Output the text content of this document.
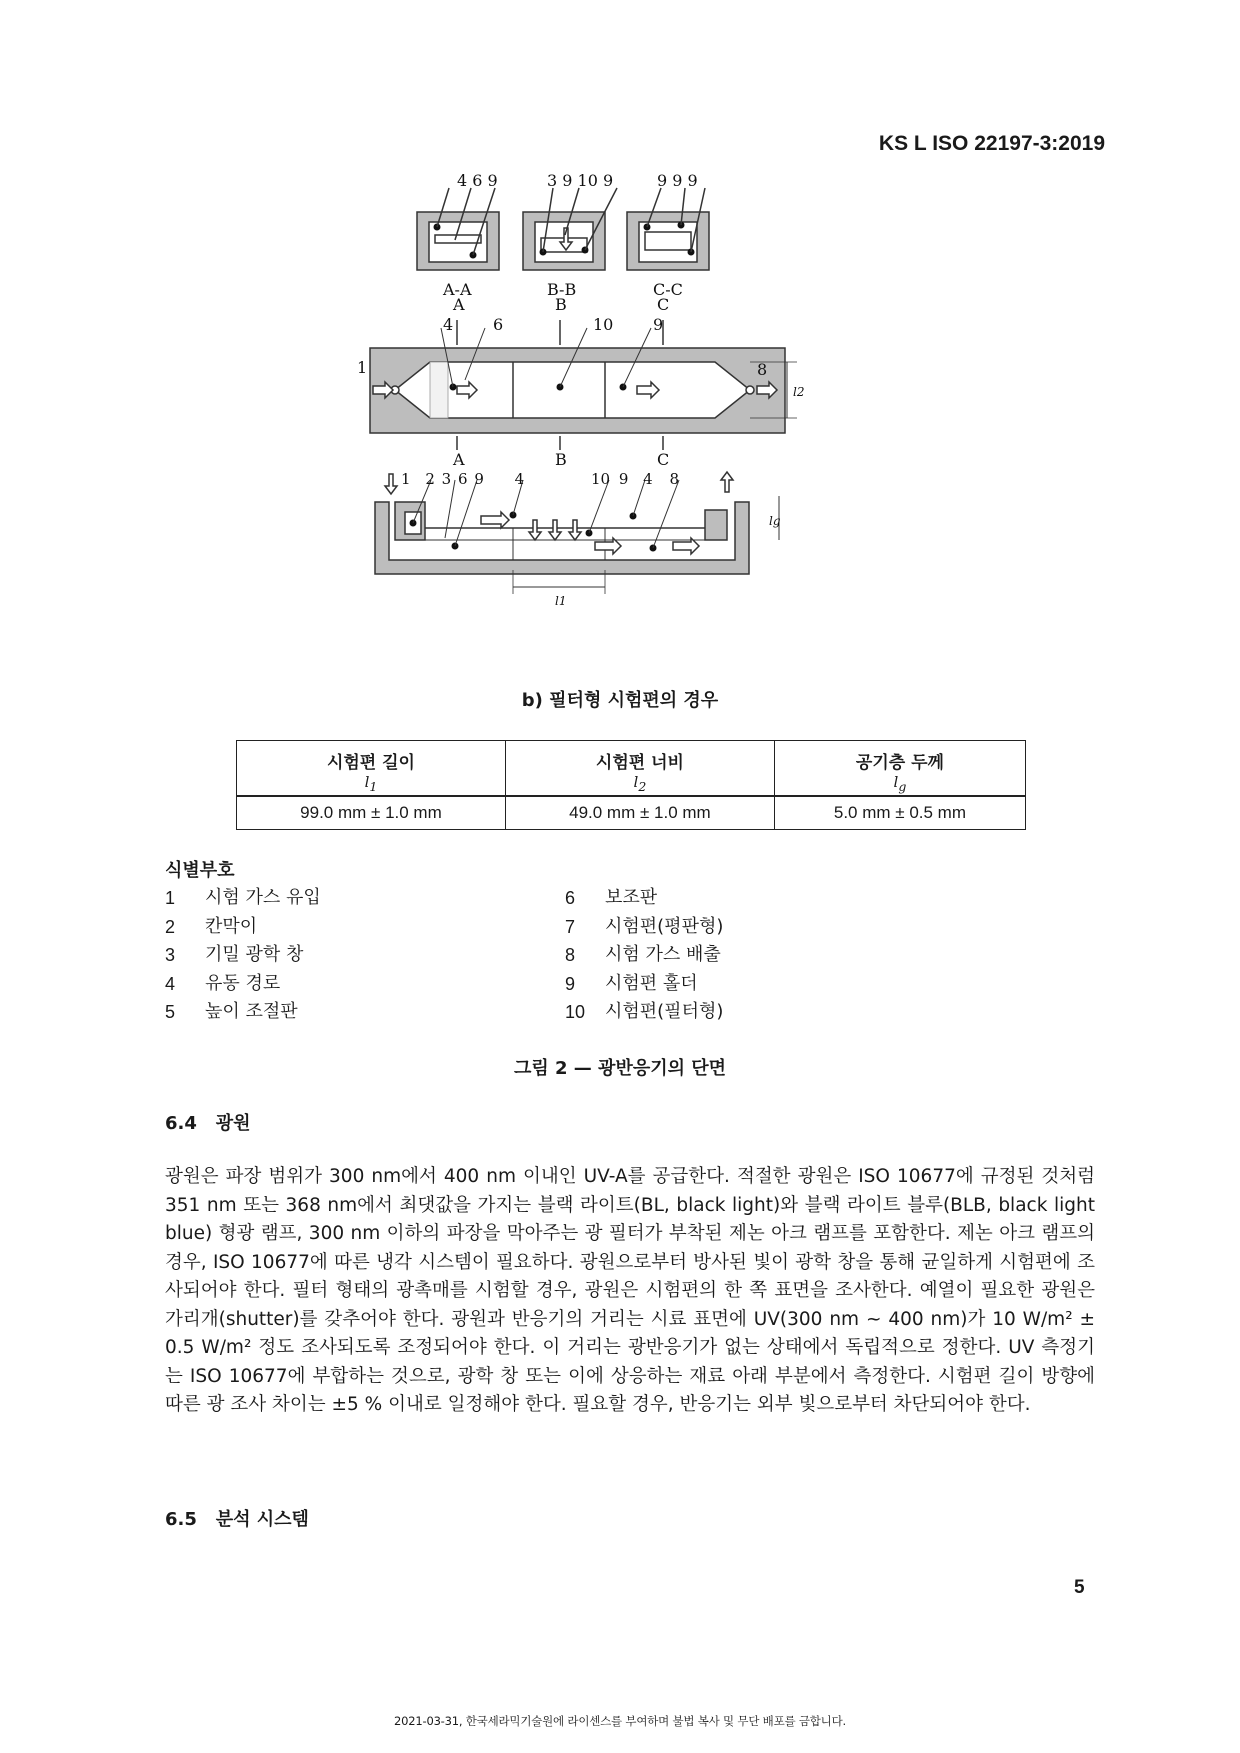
KS L ISO 22197-3:2019
4 6 9	3 9 10 9	9 9 9
A-A	B-B	C-C
A	B	C
4 6	10 9
1	8
l2
A	B	C
1 2 3 6 9 4	10 9 4 8
lg
l1
b) 필터형 시험편의 경우
시험편 길이	시험편 너비	공기층 두께
$l_1$	$l_2$	$l_g$
99.0 mm ± 1.0 mm	49.0 mm ± 1.0 mm	5.0 mm ± 0.5 mm
식별부호
1	시험 가스 유입
2	칸막이
3	기밀 광학 창
4	유동 경로
5	높이 조절판
6	보조판
7	시험편(평판형)
8	시험 가스 배출
9	시험편 홀더
10	시험편(필터형)
그림 2 — 광반응기의 단면
6.4 광원
광원은 파장 범위가 300 nm에서 400 nm 이내인 UV-A를 공급한다. 적절한 광원은 ISO 10677에 규정된 것처럼 351 nm 또는 368 nm에서 최댓값을 가지는 블랙 라이트(BL, black light)와 블랙 라이트 블루(BLB, black light blue) 형광 램프, 300 nm 이하의 파장을 막아주는 광 필터가 부착된 제논 아크 램프를 포함한다. 제논 아크 램프의 경우, ISO 10677에 따른 냉각 시스템이 필요하다. 광원으로부터 방사된 빛이 광학 창을 통해 균일하게 시험편에 조사되어야 한다. 필터 형태의 광촉매를 시험할 경우, 광원은 시험편의 한 쪽 표면을 조사한다. 예열이 필요한 광원은 가리개(shutter)를 갖추어야 한다. 광원과 반응기의 거리는 시료 표면에 UV(300 nm ~ 400 nm)가 10 W/m² ± 0.5 W/m² 정도 조사되도록 조정되어야 한다. 이 거리는 광반응기가 없는 상태에서 독립적으로 정한다. UV 측정기는 ISO 10677에 부합하는 것으로, 광학 창 또는 이에 상응하는 재료 아래 부분에서 측정한다. 시험편 길이 방향에 따른 광 조사 차이는 ±5 % 이내로 일정해야 한다. 필요할 경우, 반응기는 외부 빛으로부터 차단되어야 한다.
6.5 분석 시스템
5
2021-03-31, 한국세라믹기술원에 라이센스를 부여하며 불법 복사 및 무단 배포를 금합니다.
